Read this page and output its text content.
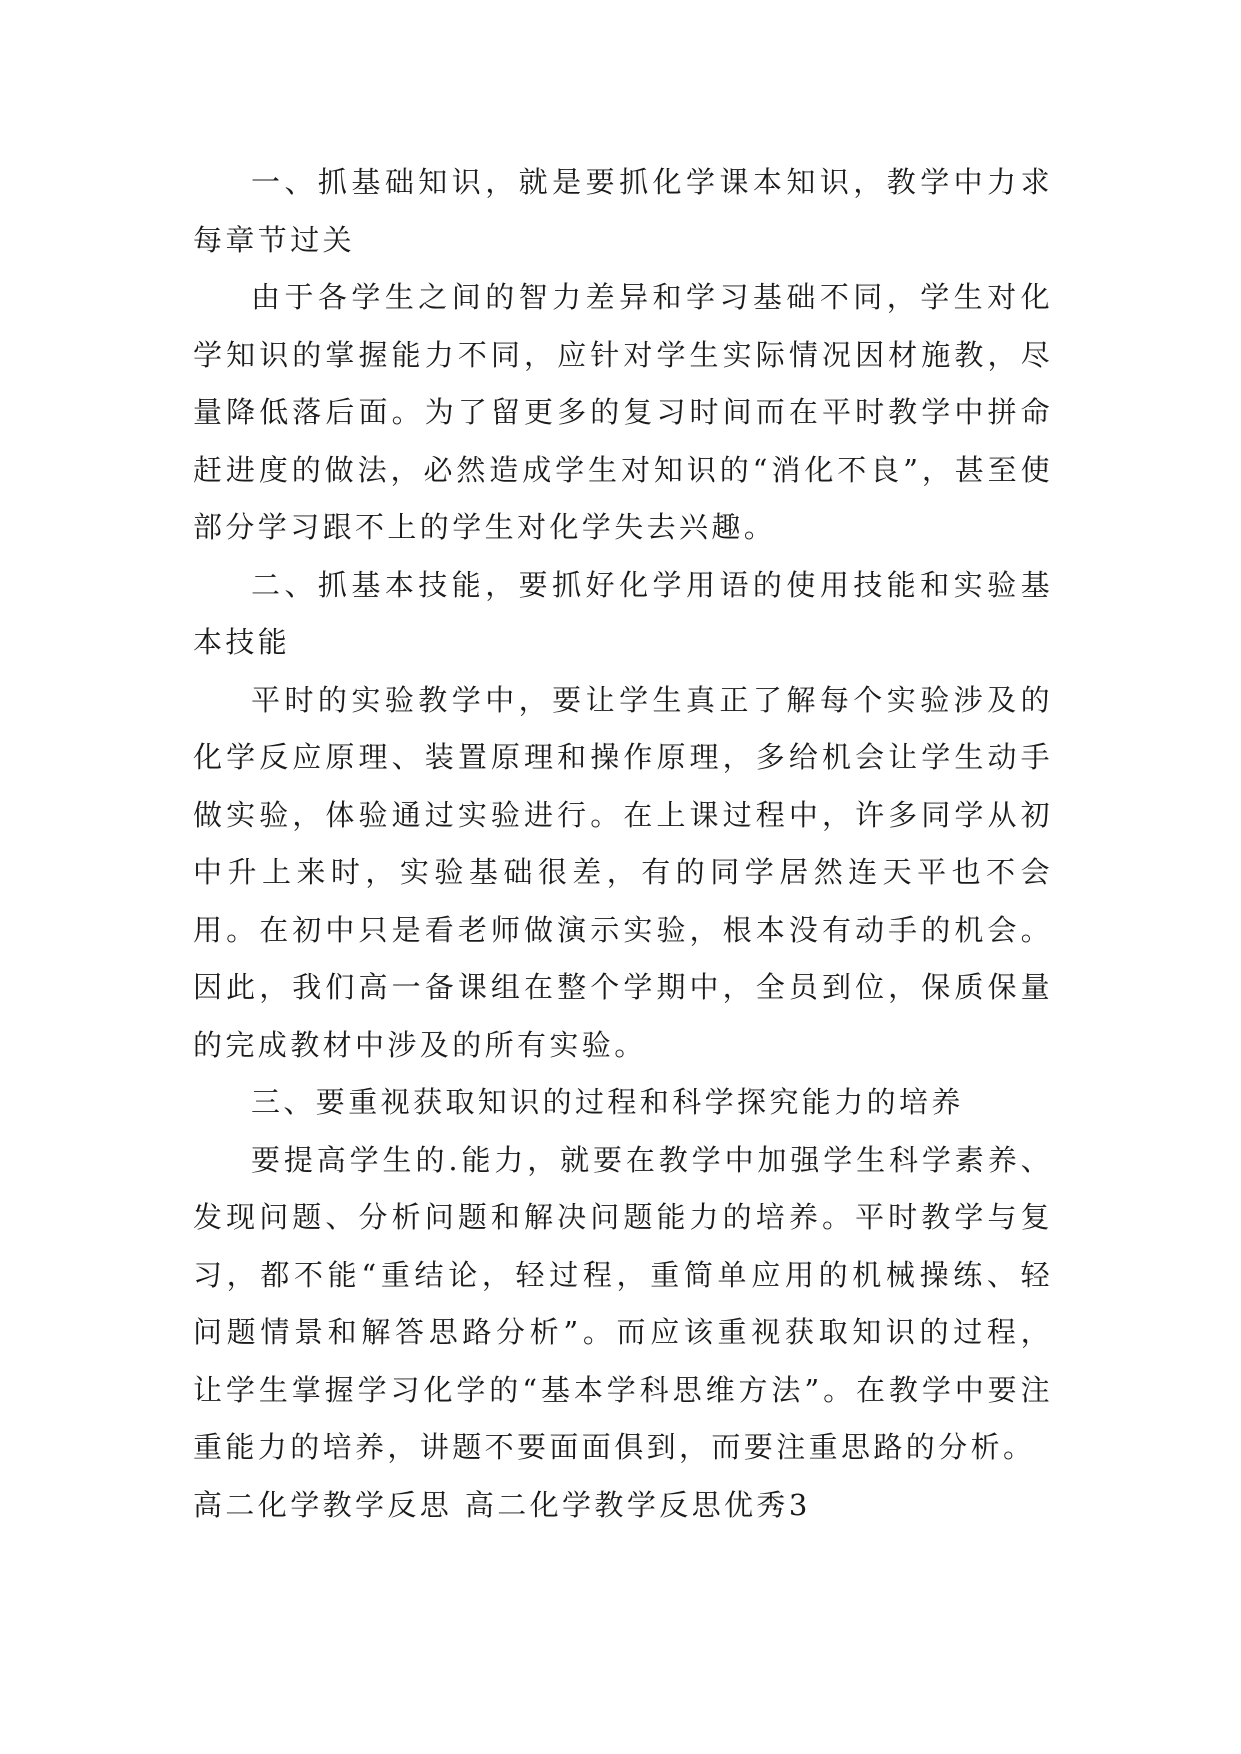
一、抓基础知识，就是要抓化学课本知识，教学中力求每章节过关

由于各学生之间的智力差异和学习基础不同，学生对化学知识的掌握能力不同，应针对学生实际情况因材施教，尽量降低落后面。为了留更多的复习时间而在平时教学中拼命赶进度的做法，必然造成学生对知识的“消化不良”，甚至使部分学习跟不上的学生对化学失去兴趣。

二、抓基本技能，要抓好化学用语的使用技能和实验基本技能

平时的实验教学中，要让学生真正了解每个实验涉及的化学反应原理、装置原理和操作原理，多给机会让学生动手做实验，体验通过实验进行。在上课过程中，许多同学从初中升上来时，实验基础很差，有的同学居然连天平也不会用。在初中只是看老师做演示实验，根本没有动手的机会。因此，我们高一备课组在整个学期中，全员到位，保质保量的完成教材中涉及的所有实验。

三、要重视获取知识的过程和科学探究能力的培养

要提高学生的.能力，就要在教学中加强学生科学素养、发现问题、分析问题和解决问题能力的培养。平时教学与复习，都不能“重结论，轻过程，重简单应用的机械操练、轻问题情景和解答思路分析”。而应该重视获取知识的过程，让学生掌握学习化学的“基本学科思维方法”。在教学中要注重能力的培养，讲题不要面面俱到，而要注重思路的分析。

高二化学教学反思 高二化学教学反思优秀3
